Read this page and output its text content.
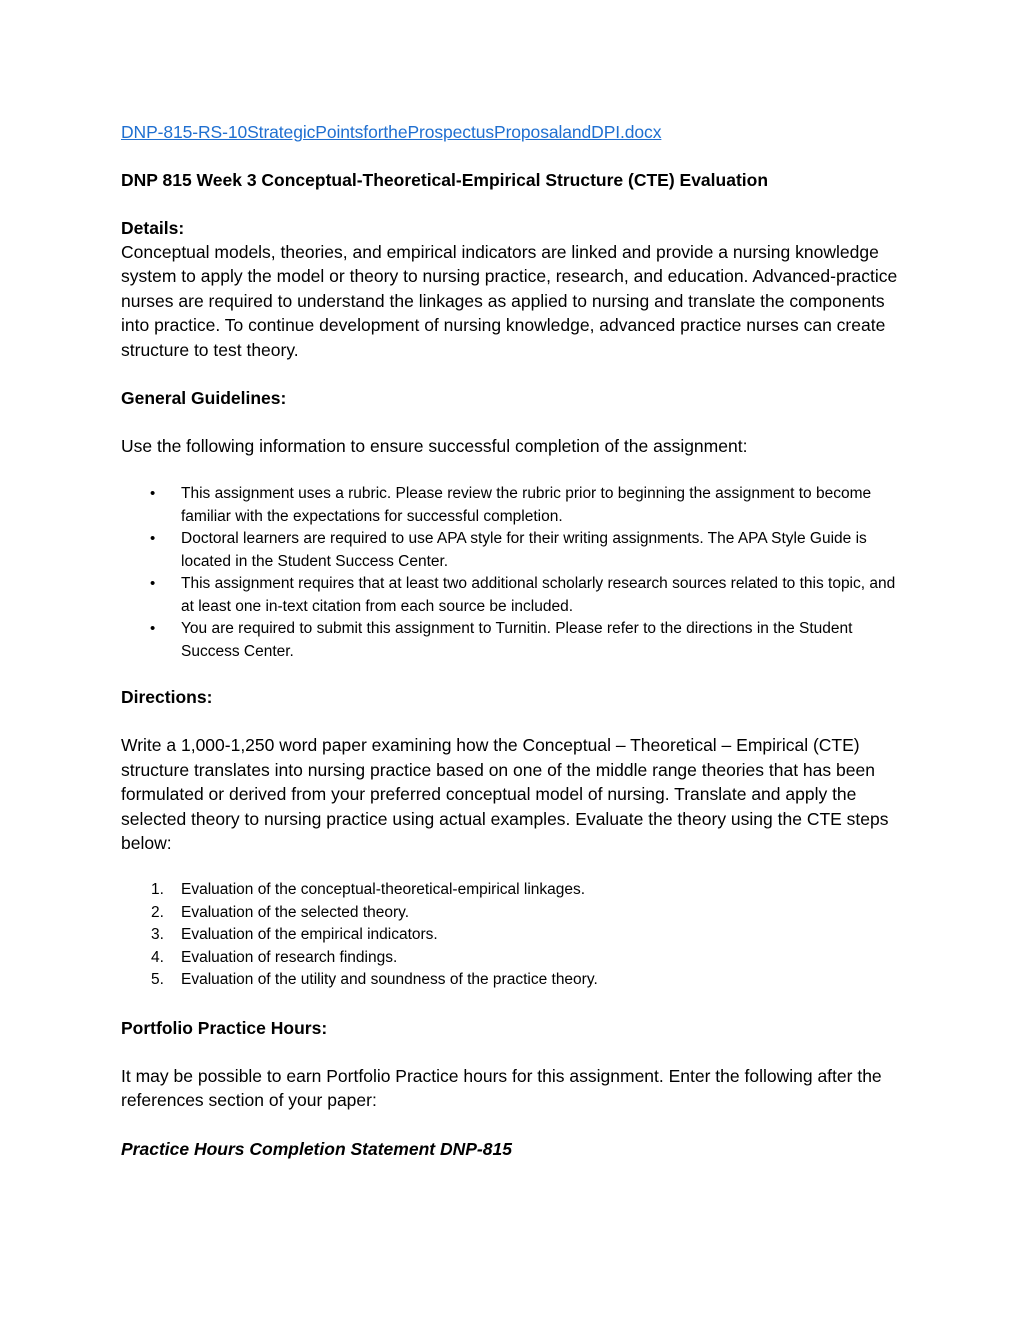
DNP-815-RS-10StrategicPointsfortheProspectusProposalandDPI.docx
DNP 815 Week 3 Conceptual-Theoretical-Empirical Structure (CTE) Evaluation
Details:

Conceptual models, theories, and empirical indicators are linked and provide a nursing knowledge system to apply the model or theory to nursing practice, research, and education. Advanced-practice nurses are required to understand the linkages as applied to nursing and translate the components into practice. To continue development of nursing knowledge, advanced practice nurses can create structure to test theory.

General Guidelines:

Use the following information to ensure successful completion of the assignment:

• This assignment uses a rubric. Please review the rubric prior to beginning the assignment to become familiar with the expectations for successful completion.
• Doctoral learners are required to use APA style for their writing assignments. The APA Style Guide is located in the Student Success Center.
• This assignment requires that at least two additional scholarly research sources related to this topic, and at least one in-text citation from each source be included.
• You are required to submit this assignment to Turnitin. Please refer to the directions in the Student Success Center.
Directions:

Write a 1,000-1,250 word paper examining how the Conceptual – Theoretical – Empirical (CTE) structure translates into nursing practice based on one of the middle range theories that has been formulated or derived from your preferred conceptual model of nursing. Translate and apply the selected theory to nursing practice using actual examples. Evaluate the theory using the CTE steps below:

1. Evaluation of the conceptual-theoretical-empirical linkages.
2. Evaluation of the selected theory.
3. Evaluation of the empirical indicators.
4. Evaluation of research findings.
5. Evaluation of the utility and soundness of the practice theory.
Portfolio Practice Hours:

It may be possible to earn Portfolio Practice hours for this assignment. Enter the following after the references section of your paper:

Practice Hours Completion Statement DNP-815
